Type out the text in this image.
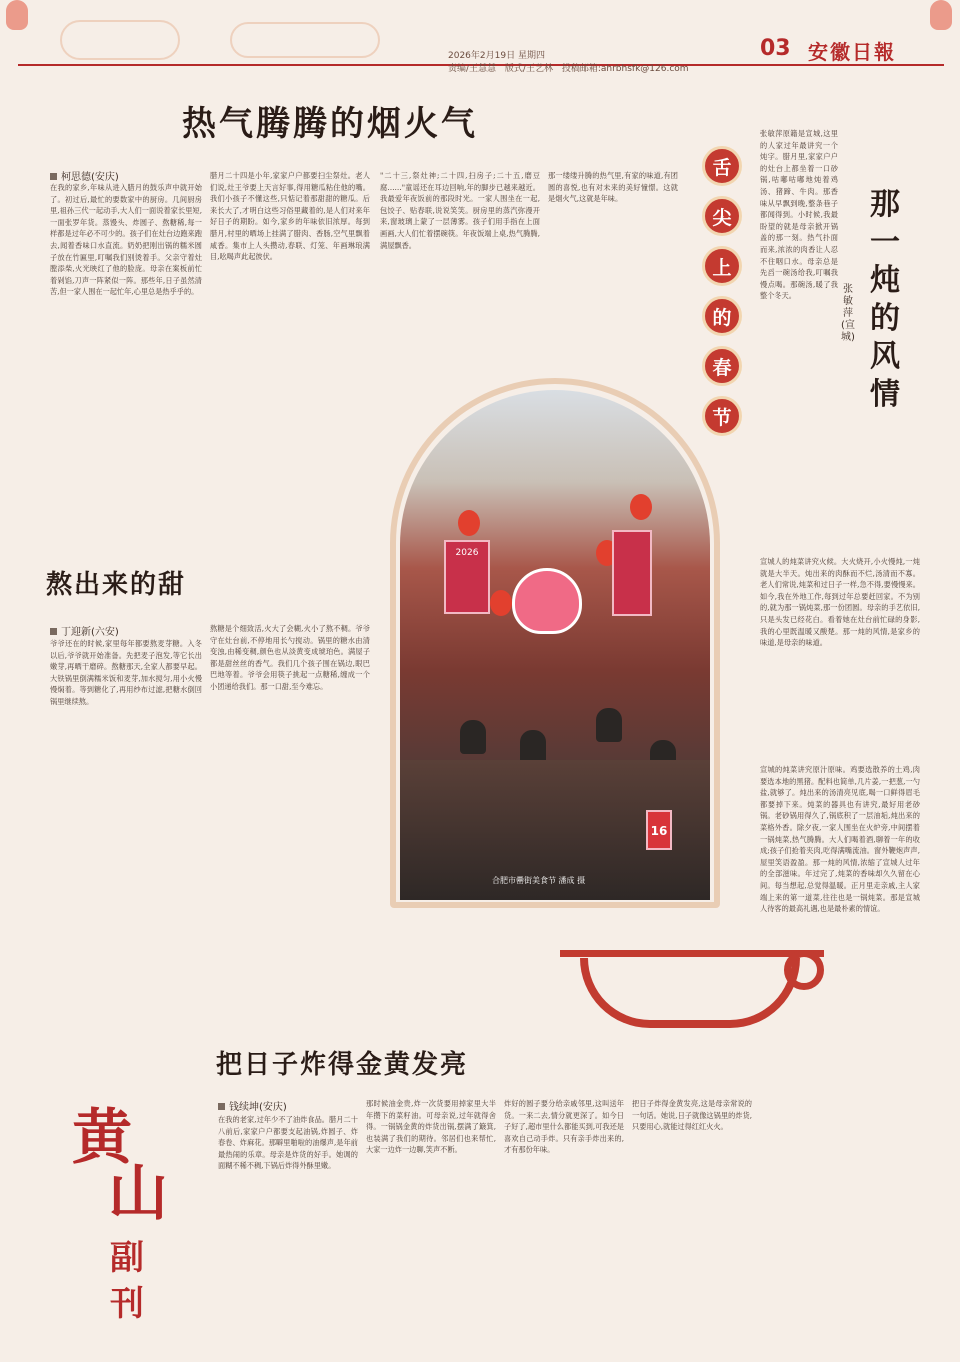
2026年2月19日 星期四
责编/王慧慧 版式/王艺林 投稿邮箱:ahrbhsfk@126.com
03 安徽日報
热气腾腾的烟火气
柯思德(安庆)
在我的家乡,年味从进入腊月的鼓乐声中就开始了。初过后,最忙的要数家中的厨房。几间厨房里,祖孙三代一起动手,大人们一面说着家长里短,一面张罗年货。蒸馒头、炸圆子、熬糖稀,每一样都是过年必不可少的。孩子们在灶台边跑来跑去,闻着香味口水直流。奶奶把刚出锅的糯米圆子放在竹匾里,叮嘱我们别烫着手。父亲守着灶膛添柴,火光映红了他的脸庞。母亲在案板前忙着剁馅,刀声一阵紧似一阵。那些年,日子虽然清苦,但一家人围在一起忙年,心里总是热乎乎的。
腊月二十四是小年,家家户户都要扫尘祭灶。老人们说,灶王爷要上天言好事,得用糖瓜粘住他的嘴。我们小孩子不懂这些,只惦记着那甜甜的糖瓜。后来长大了,才明白这些习俗里藏着的,是人们对来年好日子的期盼。如今,家乡的年味依旧浓厚。每到腊月,村里的晒场上挂满了腊肉、香肠,空气里飘着咸香。集市上人头攒动,春联、灯笼、年画琳琅满目,吆喝声此起彼伏。
"二十三,祭灶神;二十四,扫房子;二十五,磨豆腐……"童谣还在耳边回响,年的脚步已越来越近。我最爱年夜饭前的那段时光。一家人围坐在一起,包饺子、贴春联,说说笑笑。厨房里的蒸汽弥漫开来,窗玻璃上蒙了一层薄雾。孩子们用手指在上面画画,大人们忙着摆碗筷。年夜饭端上桌,热气腾腾,满屋飘香。
那一缕缕升腾的热气里,有家的味道,有团圆的喜悦,也有对未来的美好憧憬。这就是烟火气,这就是年味。
舌
尖
上
的
春
节
张敏萍原籍是宣城,这里的人家过年最讲究一个炖字。腊月里,家家户户的灶台上都坐着一口砂锅,咕嘟咕嘟地炖着鸡汤、猪蹄、牛肉。那香味从早飘到晚,整条巷子都闻得到。小时候,我最盼望的就是母亲掀开锅盖的那一刻。热气扑面而来,浓浓的肉香让人忍不住咽口水。母亲总是先舀一碗汤给我,叮嘱我慢点喝。那碗汤,暖了我整个冬天。
那一炖的风情
张敏萍(宣城)
宣城人的炖菜讲究火候。大火烧开,小火慢炖,一炖就是大半天。炖出来的肉酥而不烂,汤清而不寡。老人们常说,炖菜和过日子一样,急不得,要慢慢来。如今,我在外地工作,每到过年总要赶回家。不为别的,就为那一锅炖菜,那一份团圆。母亲的手艺依旧,只是头发已经花白。看着她在灶台前忙碌的身影,我的心里既温暖又酸楚。那一炖的风情,是家乡的味道,是母亲的味道。
宣城的炖菜讲究原汁原味。鸡要选散养的土鸡,肉要选本地的黑猪。配料也简单,几片姜,一把葱,一勺盐,就够了。炖出来的汤清亮见底,喝一口鲜得眉毛都要掉下来。炖菜的器具也有讲究,最好用老砂锅。老砂锅用得久了,锅底积了一层油垢,炖出来的菜格外香。除夕夜,一家人围坐在火炉旁,中间摆着一锅炖菜,热气腾腾。大人们喝着酒,聊着一年的收成;孩子们抢着夹肉,吃得满嘴流油。窗外鞭炮声声,屋里笑语盈盈。那一炖的风情,浓缩了宣城人过年的全部滋味。年过完了,炖菜的香味却久久留在心间。每当想起,总觉得温暖。正月里走亲戚,主人家端上来的第一道菜,往往也是一锅炖菜。那是宣城人待客的最高礼遇,也是最朴素的情谊。
熬出来的甜
丁迎新(六安)
爷爷还在的时候,家里每年都要熬麦芽糖。入冬以后,爷爷就开始准备。先把麦子泡发,等它长出嫩芽,再晒干磨碎。熬糖那天,全家人都要早起。大铁锅里倒满糯米饭和麦芽,加水搅匀,用小火慢慢焖着。等到糖化了,再用纱布过滤,把糖水倒回锅里继续熬。
熬糖是个细致活,火大了会糊,火小了熬不稠。爷爷守在灶台前,不停地用长勺搅动。锅里的糖水由清变浊,由稀变稠,颜色也从淡黄变成琥珀色。满屋子都是甜丝丝的香气。我们几个孩子围在锅边,眼巴巴地等着。爷爷会用筷子挑起一点糖稀,缠成一个小团递给我们。那一口甜,至今难忘。
2026
16
合肥市罍街美食节 潘成 摄
把日子炸得金黄发亮
钱续坤(安庆)
在我的老家,过年少不了油炸食品。腊月二十八前后,家家户户都要支起油锅,炸圆子、炸春卷、炸麻花。那噼里啪啦的油爆声,是年前最热闹的乐章。母亲是炸货的好手。她调的面糊不稀不稠,下锅后炸得外酥里嫩。
那时候油金贵,炸一次货要用掉家里大半年攒下的菜籽油。可母亲说,过年就得舍得。一锅锅金黄的炸货出锅,摆满了簸箕,也装满了我们的期待。邻居们也来帮忙,大家一边炸一边聊,笑声不断。
炸好的圆子要分给亲戚邻里,这叫送年货。一来二去,情分就更深了。如今日子好了,超市里什么都能买到,可我还是喜欢自己动手炸。只有亲手炸出来的,才有那份年味。
把日子炸得金黄发亮,这是母亲常说的一句话。她说,日子就像这锅里的炸货,只要用心,就能过得红红火火。
黄
山
副
刊
